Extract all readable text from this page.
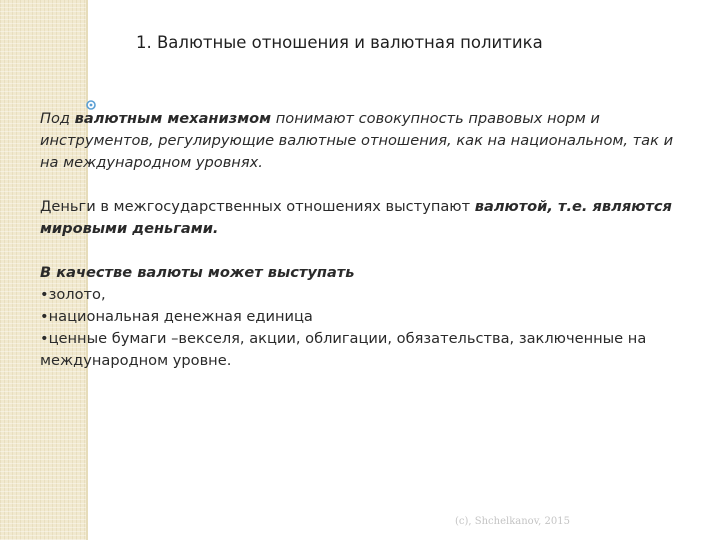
1. Валютные отношения и валютная политика

Под валютным механизмом понимают совокупность правовых норм и инструментов, регулирующие валютные отношения, как на национальном, так и на международном уровнях.

Деньги в межгосударственных отношениях выступают валютой, т.е. являются мировыми деньгами.

В качестве валюты может выступать
•золото,
•национальная денежная единица
•ценные бумаги –векселя, акции, облигации, обязательства, заключенные на международном уровне.
(c), Shchelkanov, 2015
